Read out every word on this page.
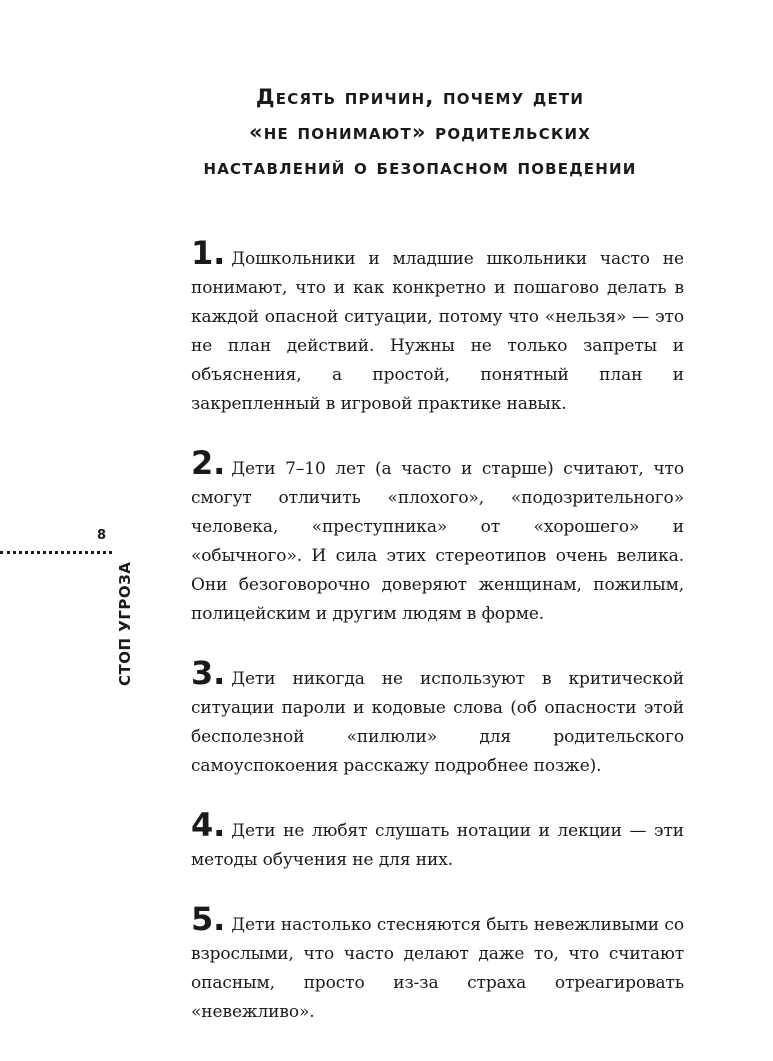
Десять причин, почему дети
«не понимают» родительских
наставлений о безопасном поведении

1. Дошкольники и младшие школьники часто не понимают, что и как конкретно и пошагово делать в каждой опасной ситуации, потому что «нельзя» — это не план действий. Нужны не только запреты и объяснения, а простой, понятный план и закрепленный в игровой практике навык.

2. Дети 7–10 лет (а часто и старше) считают, что смогут отличить «плохого», «подозрительного» человека, «преступника» от «хорошего» и «обычного». И сила этих стереотипов очень велика. Они безоговорочно доверяют женщинам, пожилым, полицейским и другим людям в форме.

3. Дети никогда не используют в критической ситуации пароли и кодовые слова (об опасности этой бесполезной «пилюли» для родительского самоуспокоения расскажу подробнее позже).

4. Дети не любят слушать нотации и лекции — эти методы обучения не для них.

5. Дети настолько стесняются быть невежливыми со взрослыми, что часто делают даже то, что считают опасным, просто из-за страха отреагировать «невежливо».

8
СТОП УГРОЗА
